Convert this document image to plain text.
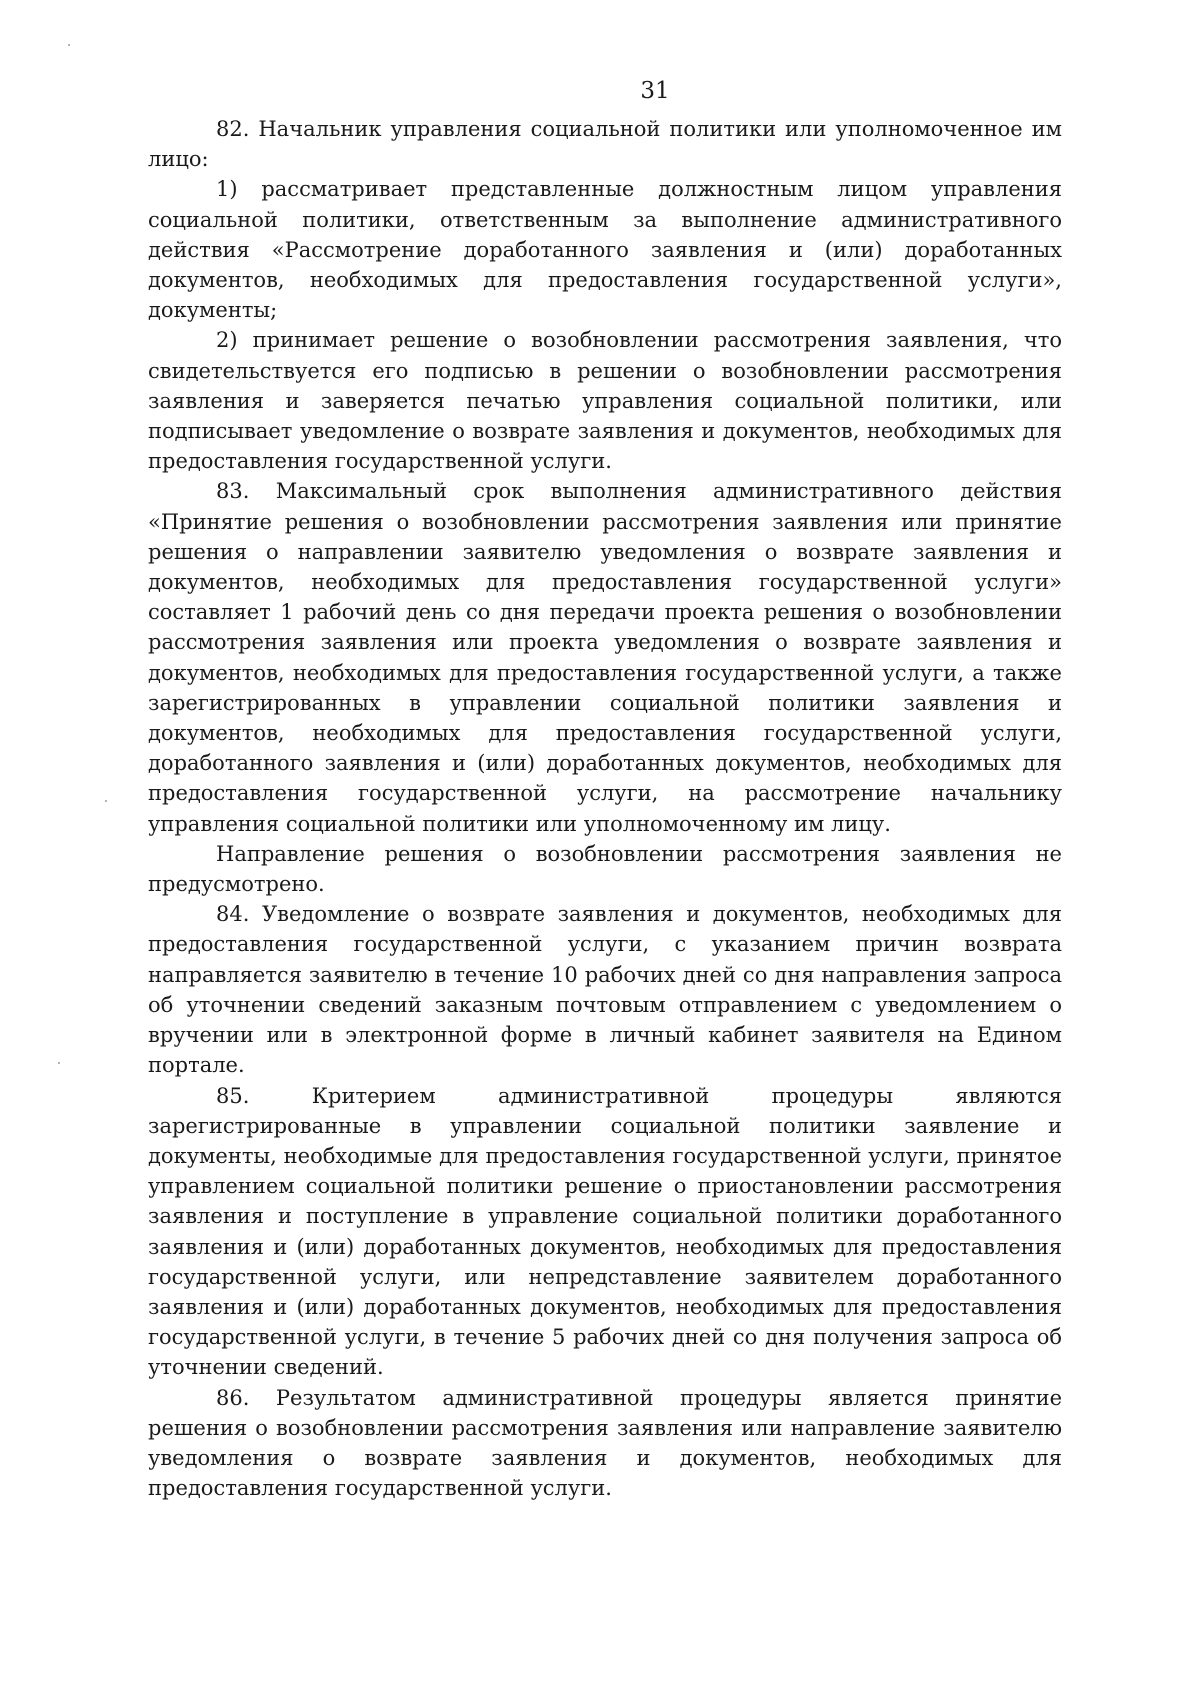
31

82. Начальник управления социальной политики или уполномоченное им лицо:

1) рассматривает представленные должностным лицом управления социальной политики, ответственным за выполнение административного действия «Рассмотрение доработанного заявления и (или) доработанных документов, необходимых для предоставления государственной услуги», документы;

2) принимает решение о возобновлении рассмотрения заявления, что свидетельствуется его подписью в решении о возобновлении рассмотрения заявления и заверяется печатью управления социальной политики, или подписывает уведомление о возврате заявления и документов, необходимых для предоставления государственной услуги.

83. Максимальный срок выполнения административного действия «Принятие решения о возобновлении рассмотрения заявления или принятие решения о направлении заявителю уведомления о возврате заявления и документов, необходимых для предоставления государственной услуги» составляет 1 рабочий день со дня передачи проекта решения о возобновлении рассмотрения заявления или проекта уведомления о возврате заявления и документов, необходимых для предоставления государственной услуги, а также зарегистрированных в управлении социальной политики заявления и документов, необходимых для предоставления государственной услуги, доработанного заявления и (или) доработанных документов, необходимых для предоставления государственной услуги, на рассмотрение начальнику управления социальной политики или уполномоченному им лицу.

Направление решения о возобновлении рассмотрения заявления не предусмотрено.

84. Уведомление о возврате заявления и документов, необходимых для предоставления государственной услуги, с указанием причин возврата направляется заявителю в течение 10 рабочих дней со дня направления запроса об уточнении сведений заказным почтовым отправлением с уведомлением о вручении или в электронной форме в личный кабинет заявителя на Едином портале.

85. Критерием административной процедуры являются зарегистрированные в управлении социальной политики заявление и документы, необходимые для предоставления государственной услуги, принятое управлением социальной политики решение о приостановлении рассмотрения заявления и поступление в управление социальной политики доработанного заявления и (или) доработанных документов, необходимых для предоставления государственной услуги, или непредставление заявителем доработанного заявления и (или) доработанных документов, необходимых для предоставления государственной услуги, в течение 5 рабочих дней со дня получения запроса об уточнении сведений.

86. Результатом административной процедуры является принятие решения о возобновлении рассмотрения заявления или направление заявителю уведомления о возврате заявления и документов, необходимых для предоставления государственной услуги.
